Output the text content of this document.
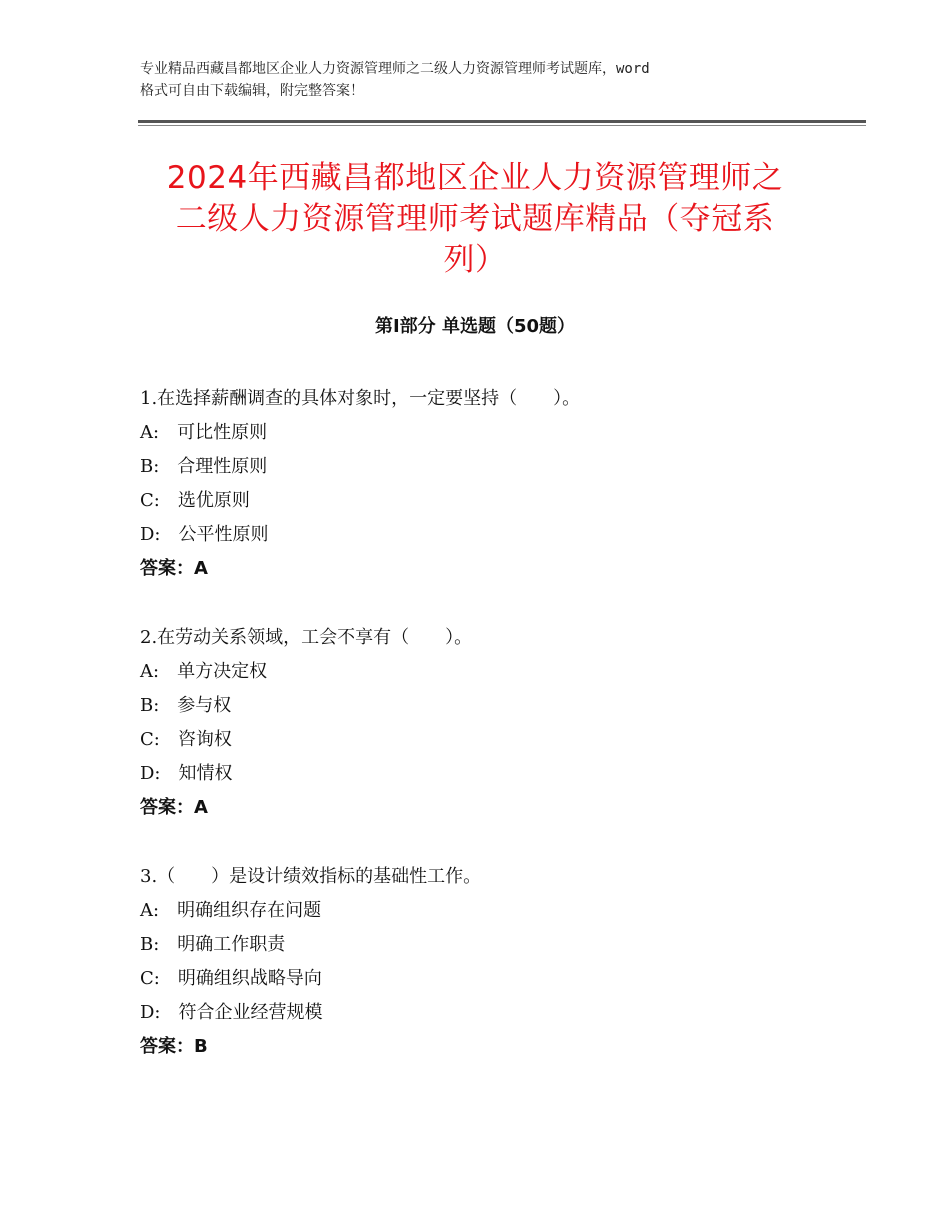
专业精品西藏昌都地区企业人力资源管理师之二级人力资源管理师考试题库，word
格式可自由下载编辑，附完整答案！
2024年西藏昌都地区企业人力资源管理师之
二级人力资源管理师考试题库精品（夺冠系
列）
第Ⅰ部分 单选题（50题）
1.在选择薪酬调查的具体对象时，一定要坚持（　　）。
A:　可比性原则
B:　合理性原则
C:　选优原则
D:　公平性原则
答案：A
2.在劳动关系领域，工会不享有（　　）。
A:　单方决定权
B:　参与权
C:　咨询权
D:　知情权
答案：A
3.（　　）是设计绩效指标的基础性工作。
A:　明确组织存在问题
B:　明确工作职责
C:　明确组织战略导向
D:　符合企业经营规模
答案：B
